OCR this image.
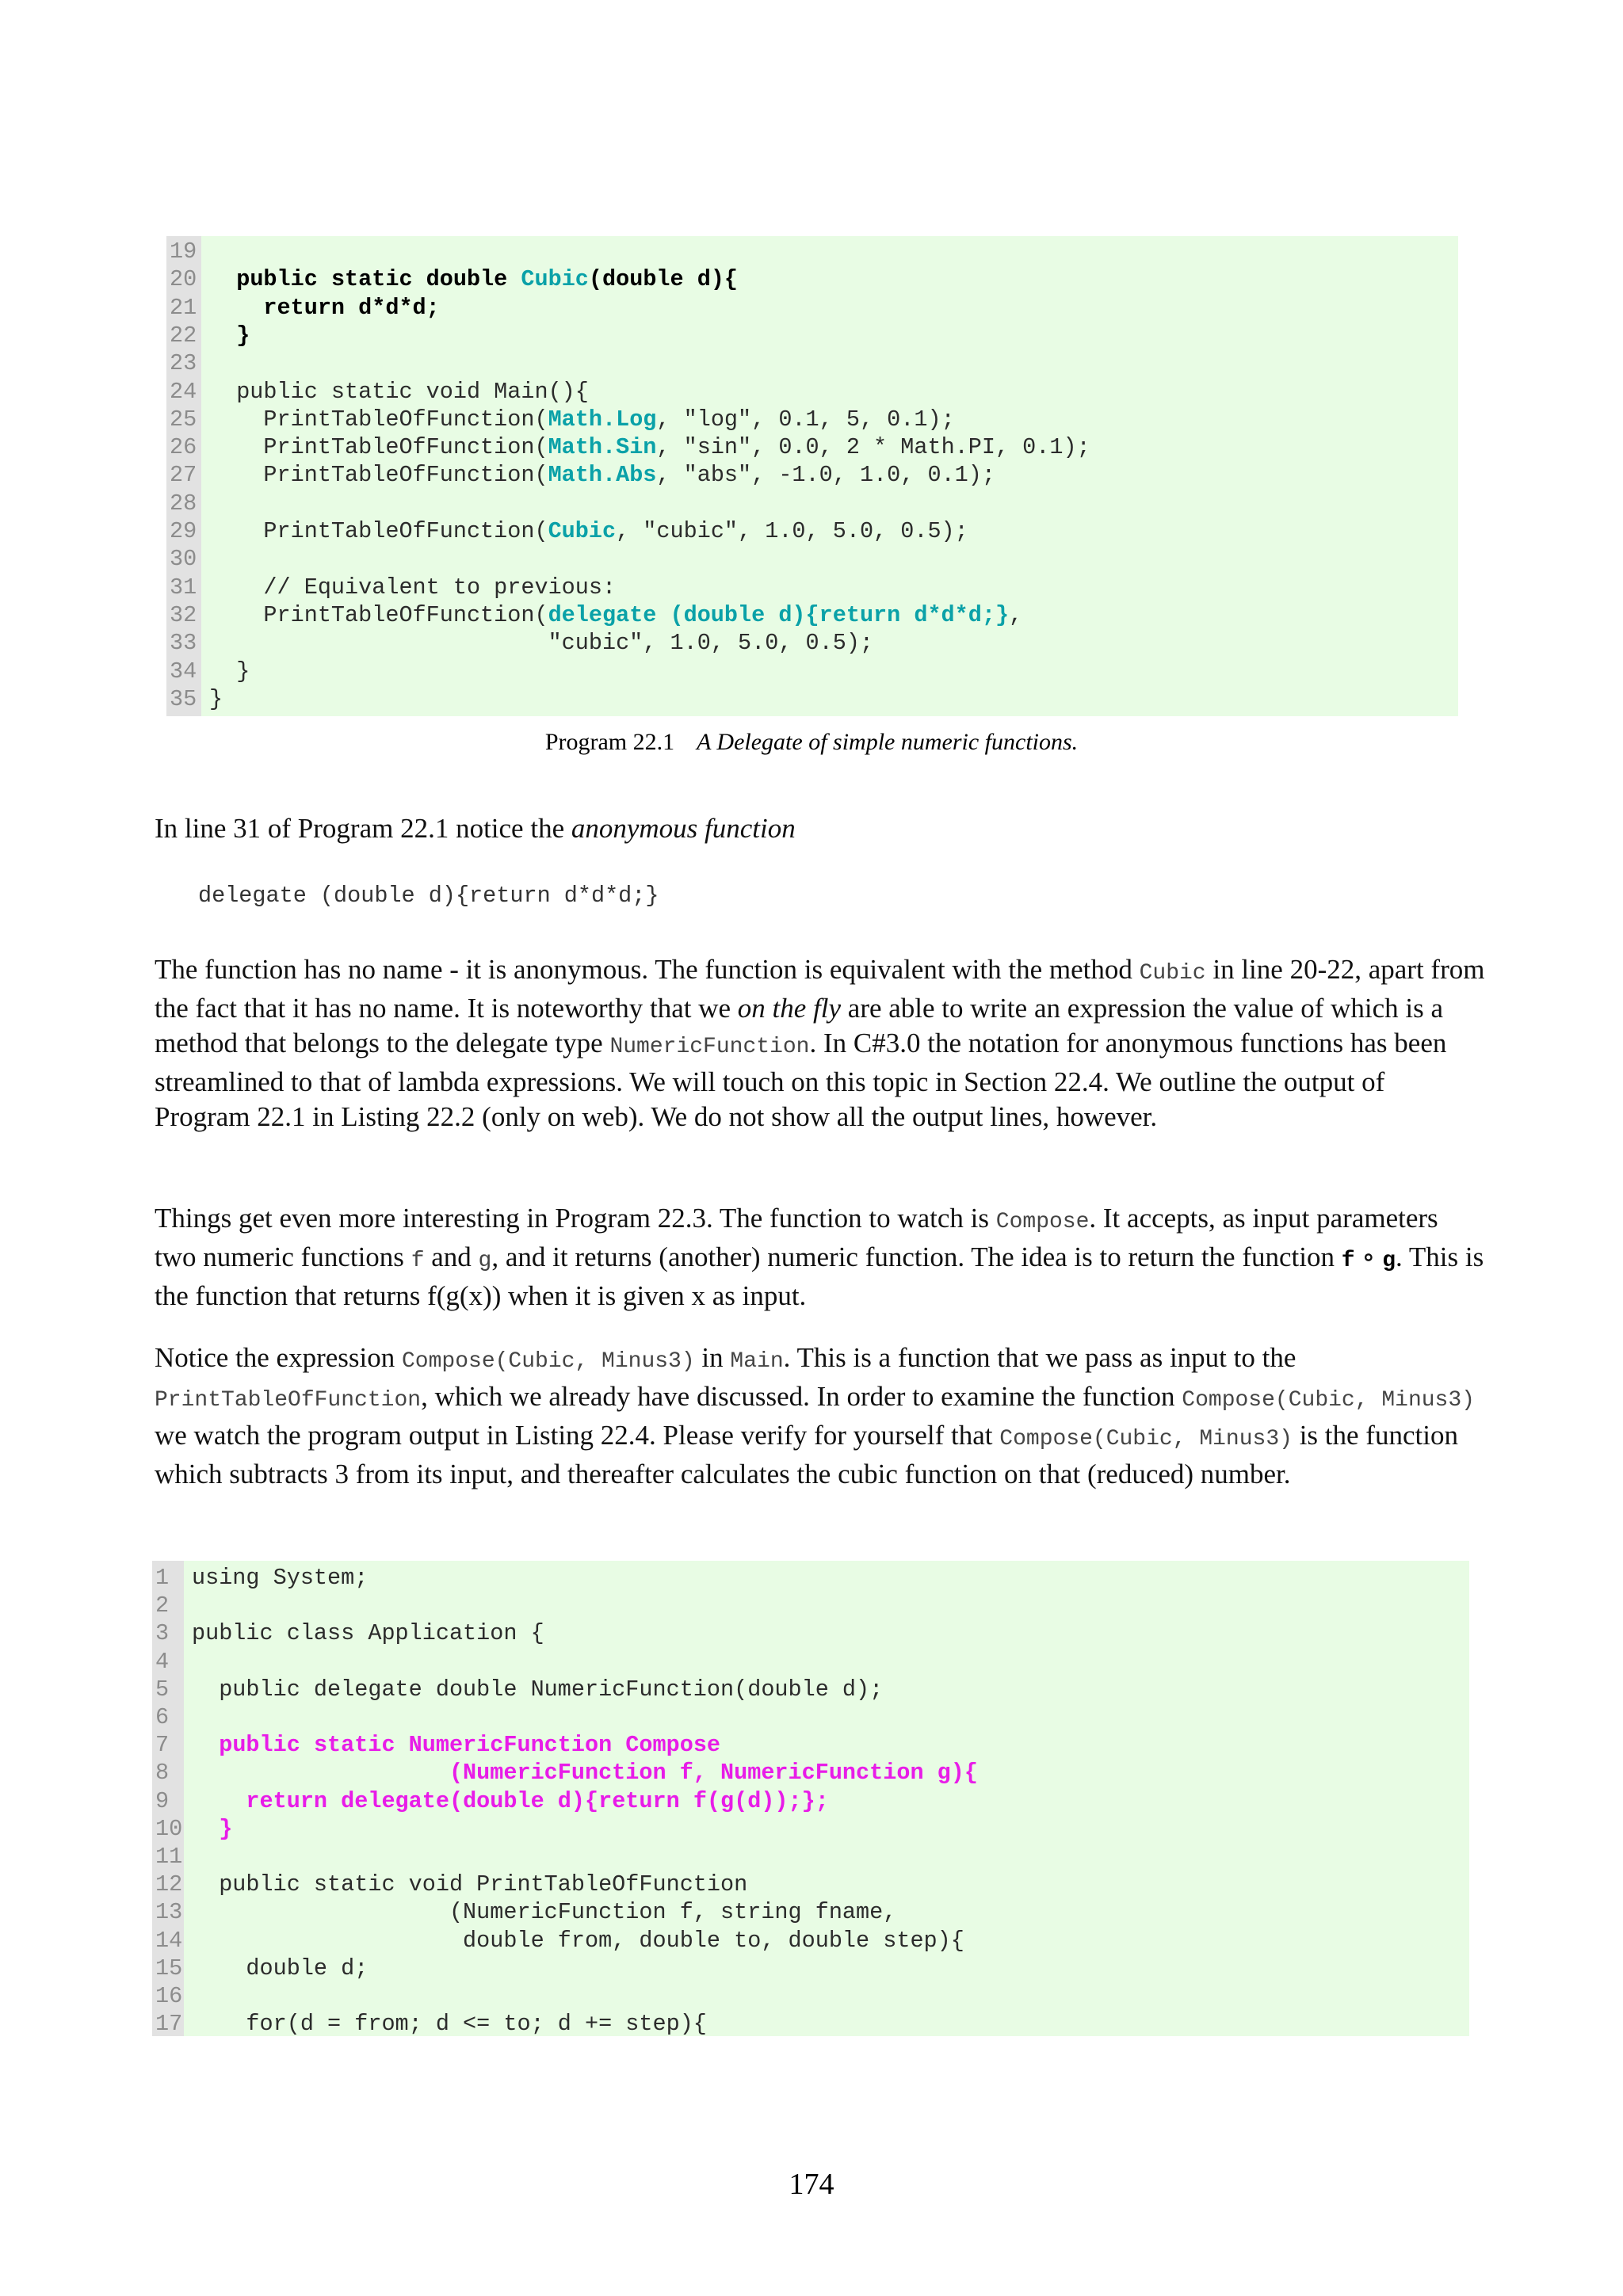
19
20	public static double Cubic(double d){
21	return d*d*d;
22	}
23
24 public static void Main(){
25 PrintTableOfFunction(Math.Log, "log", 0.1, 5, 0.1);
26 PrintTableOfFunction(Math.Sin, "sin", 0.0, 2 * Math.PI, 0.1);
27 PrintTableOfFunction(Math.Abs, "abs", -1.0, 1.0, 0.1);
28
29 PrintTableOfFunction(Cubic, "cubic", 1.0, 5.0, 0.5);
30
31 // Equivalent to previous:
32 PrintTableOfFunction(delegate (double d){return d*d*d;},
33 "cubic", 1.0, 5.0, 0.5);
34 }
35 }
Program 22.1 A Delegate of simple numeric functions.
In line 31 of Program 22.1 notice the anonymous function
delegate (double d){return d*d*d;}
The function has no name - it is anonymous. The function is equivalent with the method Cubic in line 20-22, apart from the fact that it has no name. It is noteworthy that we on the fly are able to write an expression the value of which is a method that belongs to the delegate type NumericFunction. In C#3.0 the notation for anonymous functions has been streamlined to that of lambda expressions. We will touch on this topic in Section 22.4. We outline the output of Program 22.1 in Listing 22.2 (only on web). We do not show all the output lines, however.
Things get even more interesting in Program 22.3. The function to watch is Compose. It accepts, as input parameters two numeric functions f and g, and it returns (another) numeric function. The idea is to return the function f ∘ g. This is the function that returns f(g(x)) when it is given x as input.
Notice the expression Compose(Cubic, Minus3) in Main. This is a function that we pass as input to the PrintTableOfFunction, which we already have discussed. In order to examine the function Compose(Cubic, Minus3) we watch the program output in Listing 22.4. Please verify for yourself that Compose(Cubic, Minus3) is the function which subtracts 3 from its input, and thereafter calculates the cubic function on that (reduced) number.
1 using System;
2
3 public class Application {
4
5 public delegate double NumericFunction(double d);
6
7	public static NumericFunction Compose
8	(NumericFunction f, NumericFunction g){
9	return delegate(double d){return f(g(d));};
10	}
11
12 public static void PrintTableOfFunction
13 (NumericFunction f, string fname,
14 double from, double to, double step){
15 double d;
16
17 for(d = from; d <= to; d += step){
174
